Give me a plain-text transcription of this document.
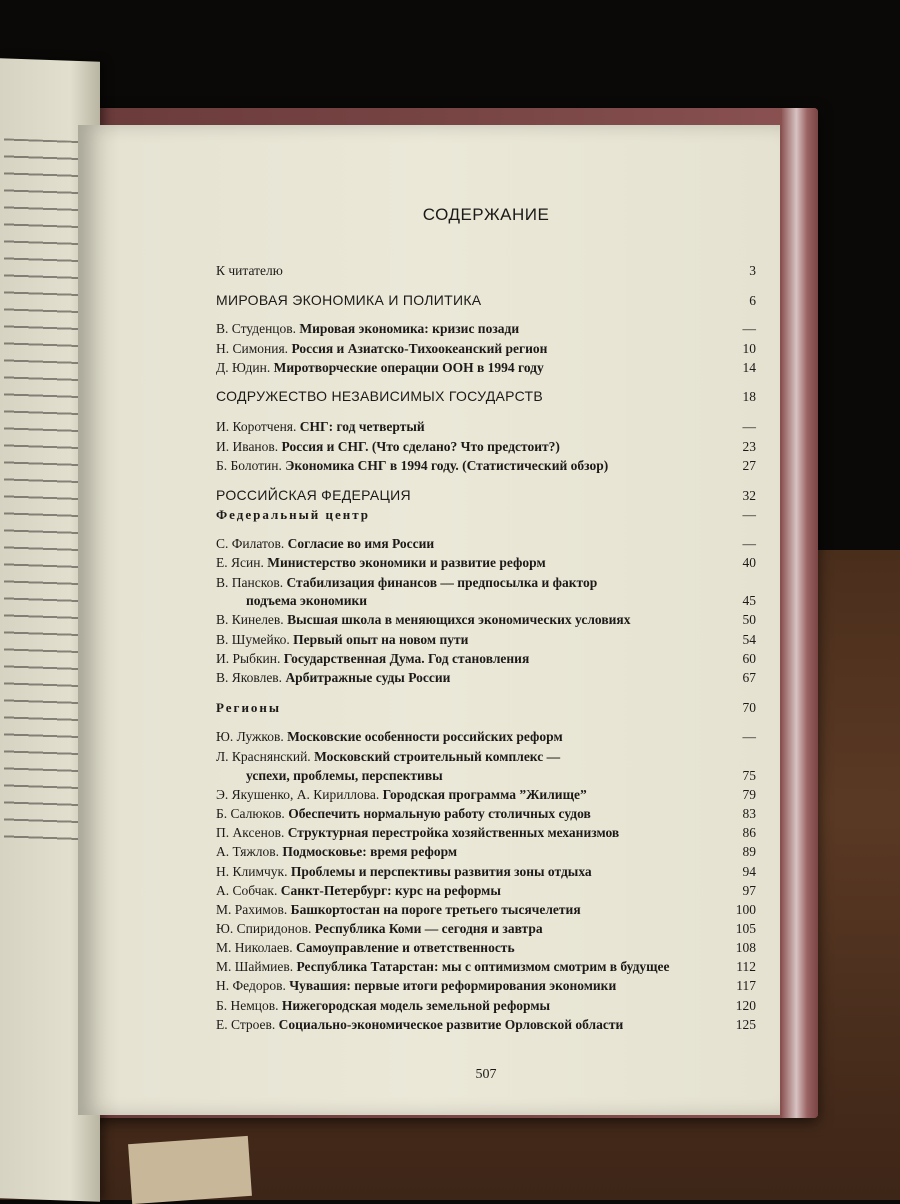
СОДЕРЖАНИЕ
К читателю	3
МИРОВАЯ ЭКОНОМИКА И ПОЛИТИКА	6
В. Студенцов. Мировая экономика: кризис позади	—
Н. Симония. Россия и Азиатско-Тихоокеанский регион	10
Д. Юдин. Миротворческие операции ООН в 1994 году	14
СОДРУЖЕСТВО НЕЗАВИСИМЫХ ГОСУДАРСТВ	18
И. Коротченя. СНГ: год четвертый	—
И. Иванов. Россия и СНГ. (Что сделано? Что предстоит?)	23
Б. Болотин. Экономика СНГ в 1994 году. (Статистический обзор)	27
РОССИЙСКАЯ ФЕДЕРАЦИЯ	32
Федеральный центр	—
С. Филатов. Согласие во имя России	—
Е. Ясин. Министерство экономики и развитие реформ	40
В. Пансков. Стабилизация финансов — предпосылка и фактор
подъема экономики	45
В. Кинелев. Высшая школа в меняющихся экономических условиях	50
В. Шумейко. Первый опыт на новом пути	54
И. Рыбкин. Государственная Дума. Год становления	60
В. Яковлев. Арбитражные суды России	67
Регионы	70
Ю. Лужков. Московские особенности российских реформ	—
Л. Краснянский. Московский строительный комплекс —
успехи, проблемы, перспективы	75
Э. Якушенко, А. Кириллова. Городская программа ”Жилище”	79
Б. Салюков. Обеспечить нормальную работу столичных судов	83
П. Аксенов. Структурная перестройка хозяйственных механизмов	86
А. Тяжлов. Подмосковье: время реформ	89
Н. Климчук. Проблемы и перспективы развития зоны отдыха	94
А. Собчак. Санкт-Петербург: курс на реформы	97
М. Рахимов. Башкортостан на пороге третьего тысячелетия	100
Ю. Спиридонов. Республика Коми — сегодня и завтра	105
М. Николаев. Самоуправление и ответственность	108
М. Шаймиев. Республика Татарстан: мы с оптимизмом смотрим в будущее	112
Н. Федоров. Чувашия: первые итоги реформирования экономики	117
Б. Немцов. Нижегородская модель земельной реформы	120
Е. Строев. Социально-экономическое развитие Орловской области	125
507
